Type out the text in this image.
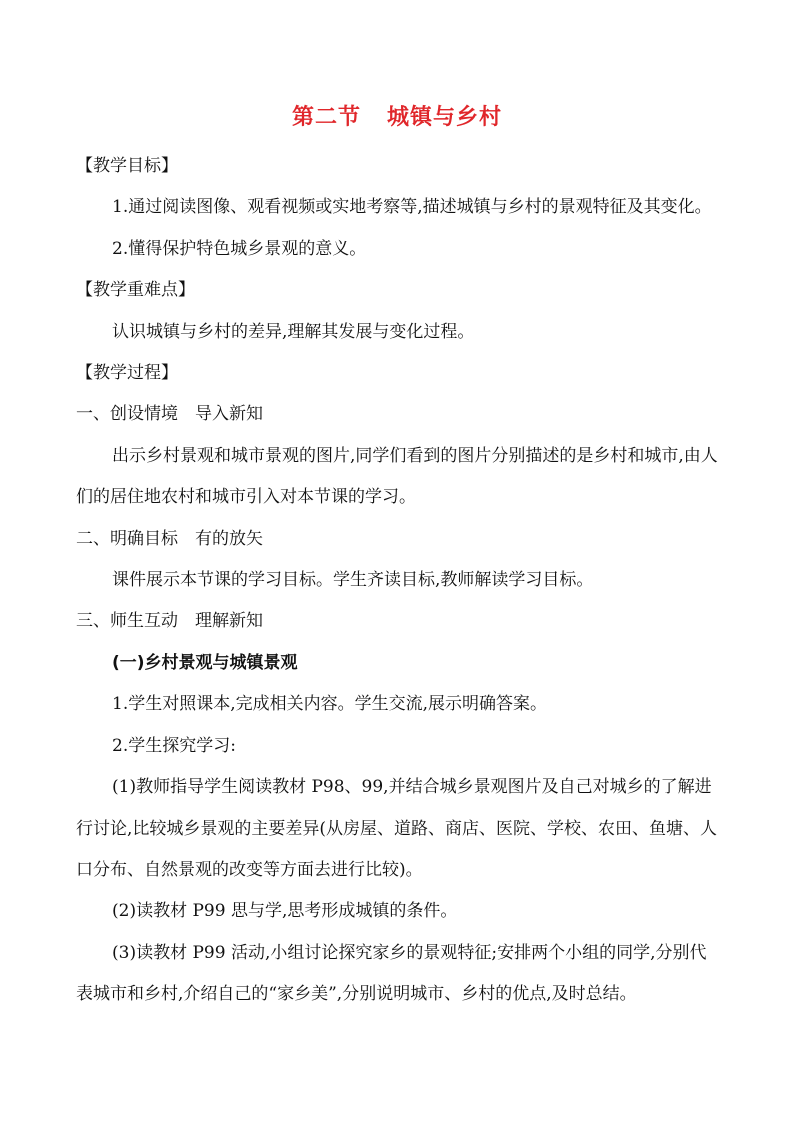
第二节 城镇与乡村

【教学目标】

1.通过阅读图像、观看视频或实地考察等,描述城镇与乡村的景观特征及其变化。

2.懂得保护特色城乡景观的意义。

【教学重难点】

认识城镇与乡村的差异,理解其发展与变化过程。

【教学过程】

一、创设情境　导入新知

出示乡村景观和城市景观的图片,同学们看到的图片分别描述的是乡村和城市,由人们的居住地农村和城市引入对本节课的学习。

二、明确目标　有的放矢

课件展示本节课的学习目标。学生齐读目标,教师解读学习目标。

三、师生互动　理解新知

(一)乡村景观与城镇景观

1.学生对照课本,完成相关内容。学生交流,展示明确答案。

2.学生探究学习:

(1)教师指导学生阅读教材 P98、99,并结合城乡景观图片及自己对城乡的了解进行讨论,比较城乡景观的主要差异(从房屋、道路、商店、医院、学校、农田、鱼塘、人口分布、自然景观的改变等方面去进行比较)。

(2)读教材 P99 思与学,思考形成城镇的条件。

(3)读教材 P99 活动,小组讨论探究家乡的景观特征;安排两个小组的同学,分别代表城市和乡村,介绍自己的“家乡美”,分别说明城市、乡村的优点,及时总结。
